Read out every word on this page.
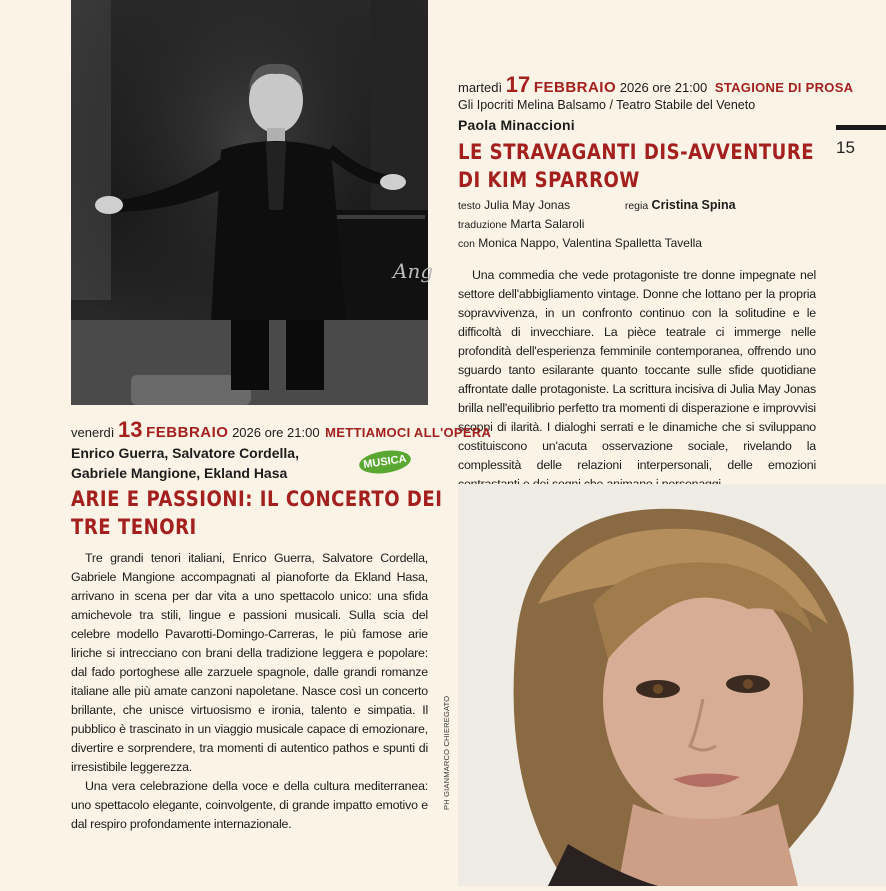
Ang
martedì 17 FEBBRAIO 2026 ore 21:00 STAGIONE DI PROSA
Gli Ipocriti Melina Balsamo / Teatro Stabile del Veneto
Paola Minaccioni
LE STRAVAGANTI DIS-AVVENTURE
DI KIM SPARROW
testo Julia May Jonas	regia Cristina Spina
traduzione Marta Salaroli
con Monica Nappo, Valentina Spalletta Tavella

Una commedia che vede protagoniste tre donne impegnate nel settore dell'abbigliamento vintage. Donne che lottano per la propria sopravvivenza, in un confronto continuo con la solitudine e le difficoltà di invecchiare. La pièce teatrale ci immerge nelle profondità dell'esperienza femminile contemporanea, offrendo uno sguardo tanto esilarante quanto toccante sulle sfide quotidiane affrontate dalle protagoniste. La scrittura incisiva di Julia May Jonas brilla nell'equilibrio perfetto tra momenti di disperazione e improvvisi scoppi di ilarità. I dialoghi serrati e le dinamiche che si sviluppano costituiscono un'acuta osservazione sociale, rivelando la complessità delle relazioni interpersonali, delle emozioni

15
venerdì 13 FEBBRAIO 2026 ore 21:00 METTIAMOCI ALL'OPERA
Enrico Guerra, Salvatore Cordella,
Gabriele Mangione, Ekland Hasa
MUSICA
ARIE E PASSIONI: IL CONCERTO DEI
TRE TENORI

Tre grandi tenori italiani, Enrico Guerra, Salvatore Cordella, Gabriele Mangione accompagnati al pianoforte da Ekland Hasa, arrivano in scena per dar vita a uno spettacolo unico: una sfida amichevole tra stili, lingue e passioni musicali. Sulla scia del celebre modello Pavarotti-Domingo-Carreras, le più famose arie liriche si intrecciano con brani della tradizione leggera e popolare: dal fado portoghese alle zarzuele spagnole, dalle grandi romanze italiane alle più amate canzoni napoletane. Nasce così un concerto brillante, che unisce virtuosismo e ironia, talento e simpatia. Il pubblico è trascinato in un viaggio musicale capace di emozionare, divertire e sorprendere, tra momenti di autentico pathos e spunti di irresistibile leggerezza.

Una vera celebrazione della voce e della cultura mediterranea: uno spettacolo elegante, coinvolgente, di grande impatto emotivo e dal respiro profondamente internazionale.

PH GIANMARCO CHIEREGATO
